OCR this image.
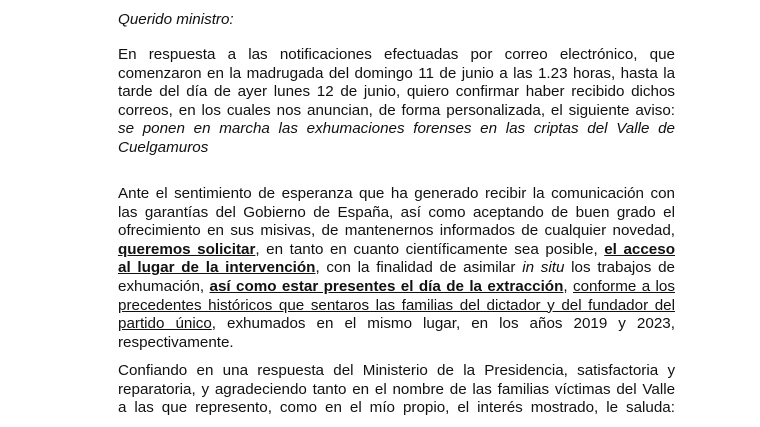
Querido ministro:

En respuesta a las notificaciones efectuadas por correo electrónico, que
comenzaron en la madrugada del domingo 11 de junio a las 1.23 horas, hasta la
tarde del día de ayer lunes 12 de junio, quiero confirmar haber recibido dichos
correos, en los cuales nos anuncian, de forma personalizada, el siguiente aviso:
se ponen en marcha las exhumaciones forenses en las criptas del Valle de
Cuelgamuros
Ante el sentimiento de esperanza que ha generado recibir la comunicación con
las garantías del Gobierno de España, así como aceptando de buen grado el
ofrecimiento en sus misivas, de mantenernos informados de cualquier novedad,
queremos solicitar, en tanto en cuanto científicamente sea posible, el acceso
al lugar de la intervención, con la finalidad de asimilar in situ los trabajos de
exhumación, así como estar presentes el día de la extracción, conforme a los
precedentes históricos que sentaros las familias del dictador y del fundador del
partido único, exhumados en el mismo lugar, en los años 2019 y 2023,
respectivamente.
Confiando en una respuesta del Ministerio de la Presidencia, satisfactoria y
reparatoria, y agradeciendo tanto en el nombre de las familias víctimas del Valle
a las que represento, como en el mío propio, el interés mostrado, le saluda:
